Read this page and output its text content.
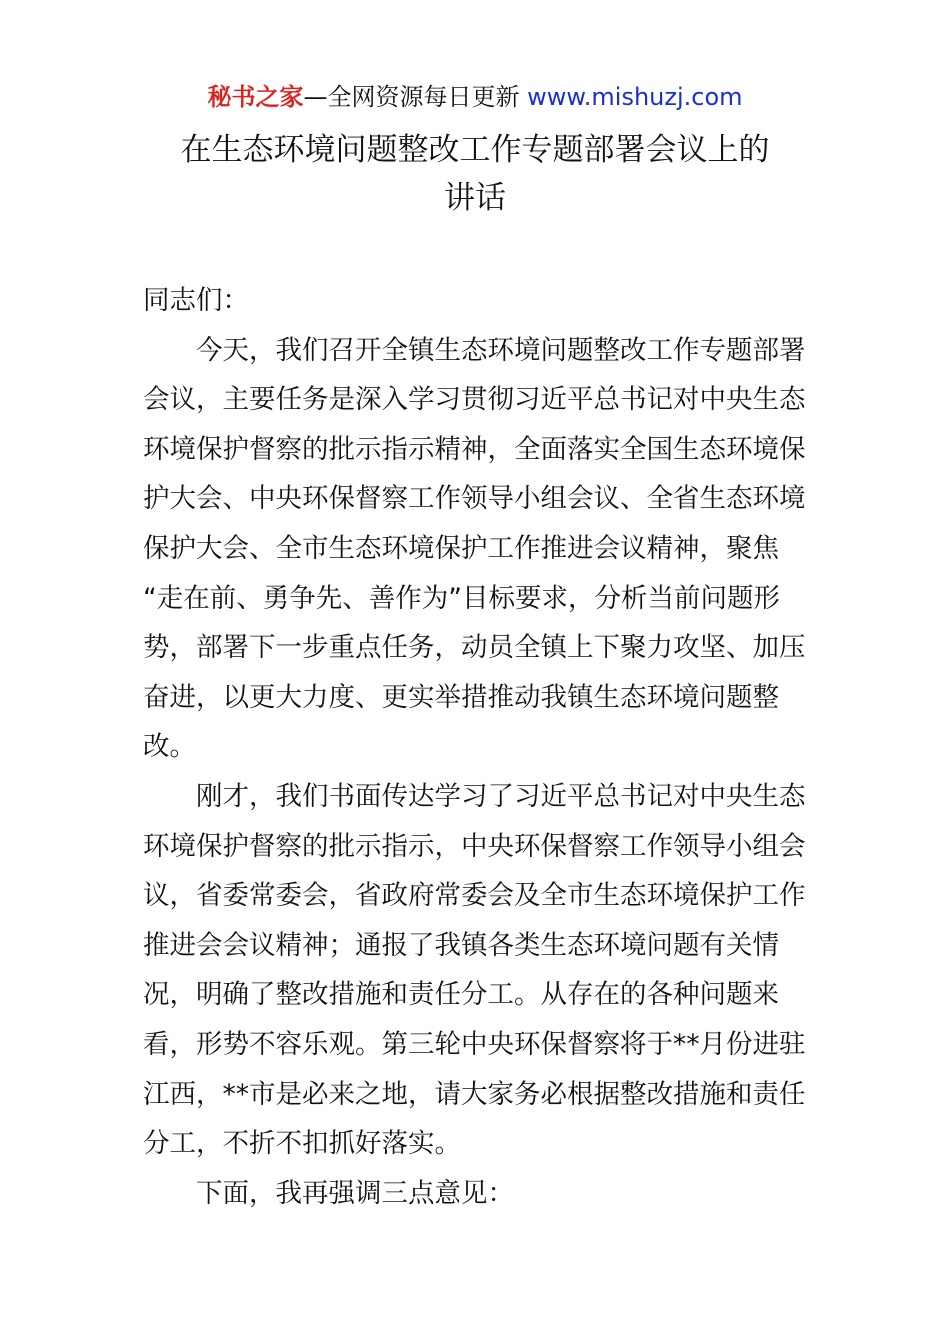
秘书之家—全网资源每日更新 www.mishuzj.com
在生态环境问题整改工作专题部署会议上的
讲话
同志们：
今天，我们召开全镇生态环境问题整改工作专题部署
会议，主要任务是深入学习贯彻习近平总书记对中央生态
环境保护督察的批示指示精神，全面落实全国生态环境保
护大会、中央环保督察工作领导小组会议、全省生态环境
保护大会、全市生态环境保护工作推进会议精神，聚焦
“走在前、勇争先、善作为”目标要求，分析当前问题形
势，部署下一步重点任务，动员全镇上下聚力攻坚、加压
奋进，以更大力度、更实举措推动我镇生态环境问题整
改。
刚才，我们书面传达学习了习近平总书记对中央生态
环境保护督察的批示指示，中央环保督察工作领导小组会
议，省委常委会，省政府常委会及全市生态环境保护工作
推进会会议精神；通报了我镇各类生态环境问题有关情
况，明确了整改措施和责任分工。从存在的各种问题来
看，形势不容乐观。第三轮中央环保督察将于**月份进驻
江西，**市是必来之地，请大家务必根据整改措施和责任
分工，不折不扣抓好落实。
下面，我再强调三点意见：
